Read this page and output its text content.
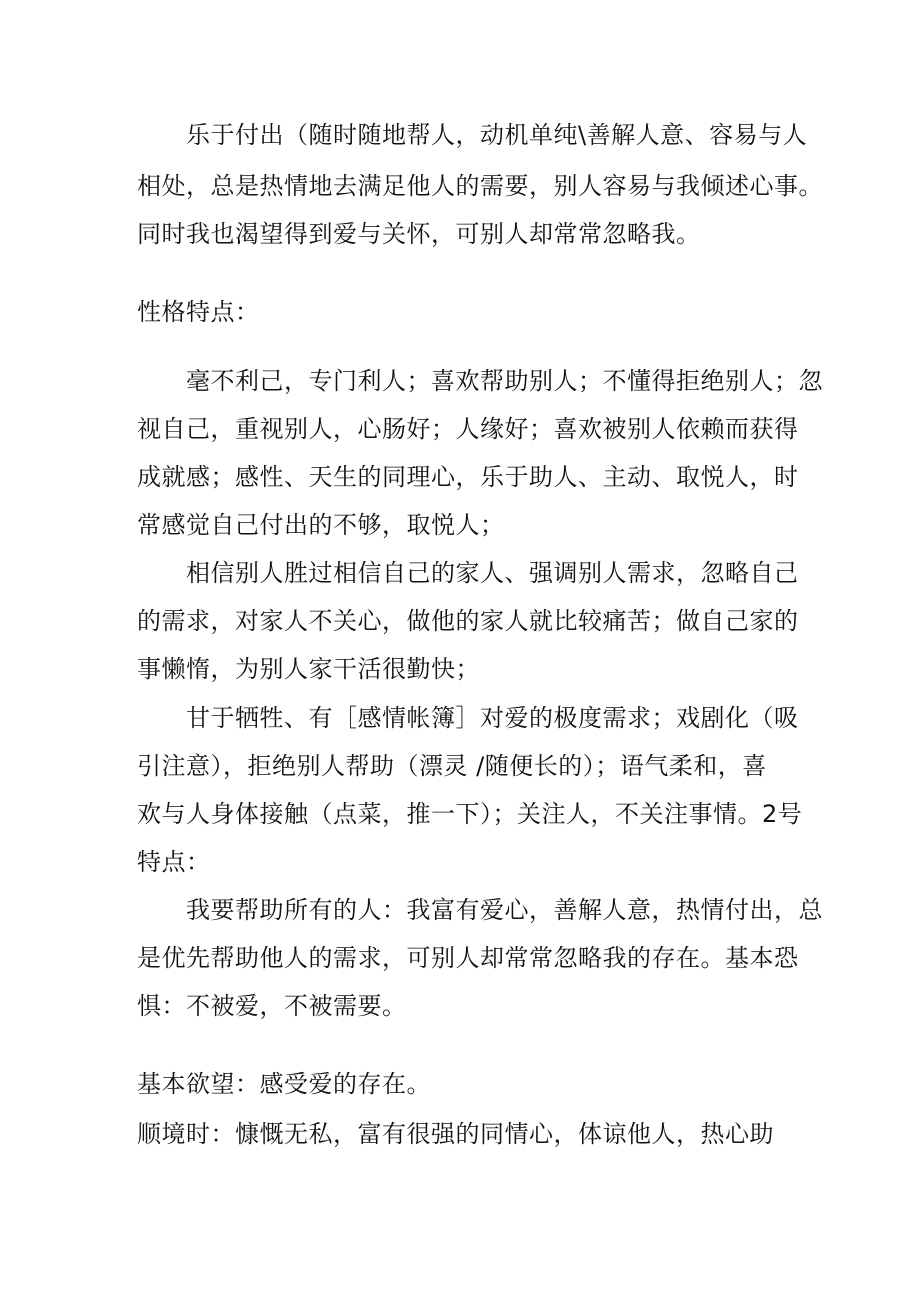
乐于付出（随时随地帮人，动机单纯\善解人意、容易与人

相处，总是热情地去满足他人的需要，别人容易与我倾述心事。

同时我也渴望得到爱与关怀，可别人却常常忽略我。

性格特点：

毫不利己，专门利人；喜欢帮助别人；不懂得拒绝别人；忽

视自己，重视别人，心肠好；人缘好；喜欢被别人依赖而获得

成就感；感性、天生的同理心，乐于助人、主动、取悦人，时

常感觉自己付出的不够，取悦人；

相信别人胜过相信自己的家人、强调别人需求，忽略自己

的需求，对家人不关心，做他的家人就比较痛苦；做自己家的

事懒惰，为别人家干活很勤快；

甘于牺牲、有［感情帐簿］对爱的极度需求；戏剧化（吸

引注意），拒绝别人帮助（漂灵 /随便长的）；语气柔和，喜

欢与人身体接触（点菜，推一下）；关注人，不关注事情。2号

特点：

我要帮助所有的人：我富有爱心，善解人意，热情付出，总

是优先帮助他人的需求，可别人却常常忽略我的存在。基本恐

惧：不被爱，不被需要。

基本欲望：感受爱的存在。

顺境时：慷慨无私，富有很强的同情心，体谅他人，热心助
